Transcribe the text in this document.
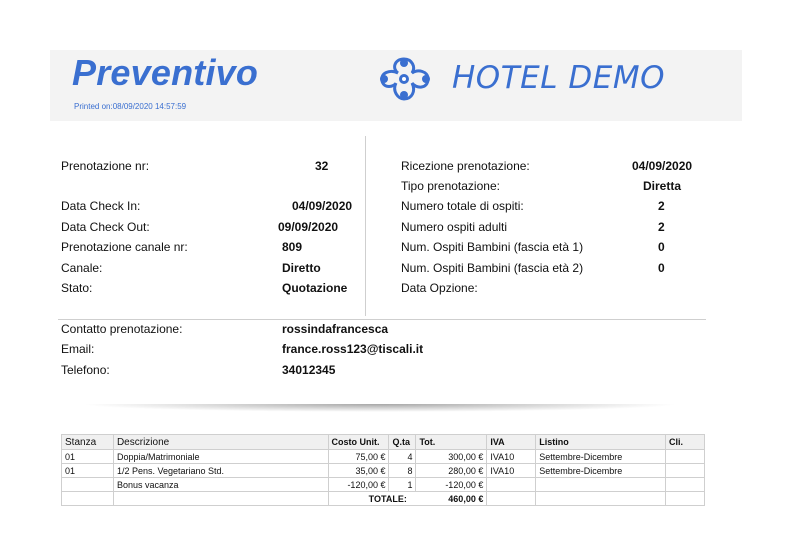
Preventivo
Printed on:08/09/2020 14:57:59
HOTEL DEMO
Prenotazione nr:	32
Data Check In:	04/09/2020
Data Check Out:	09/09/2020
Prenotazione canale nr:	809
Canale:	Diretto
Stato:	Quotazione
Ricezione prenotazione:	04/09/2020
Tipo prenotazione:	Diretta
Numero totale di ospiti:	2
Numero ospiti adulti	2
Num. Ospiti Bambini (fascia età 1)	0
Num. Ospiti Bambini (fascia età 2)	0
Data Opzione:
Contatto prenotazione:	rossindafrancesca
Email:	france.ross123@tiscali.it
Telefono:	34012345
Stanza	Descrizione	Costo Unit.	Q.ta	Tot.	IVA	Listino	Cli.
01	Doppia/Matrimoniale	75,00 €	4	300,00 €	IVA10	Settembre-Dicembre	
01	1/2 Pens. Vegetariano Std.	35,00 €	8	280,00 €	IVA10	Settembre-Dicembre	
	Bonus vacanza	-120,00 €	1	-120,00 €			
		TOTALE: 460,00 €					
